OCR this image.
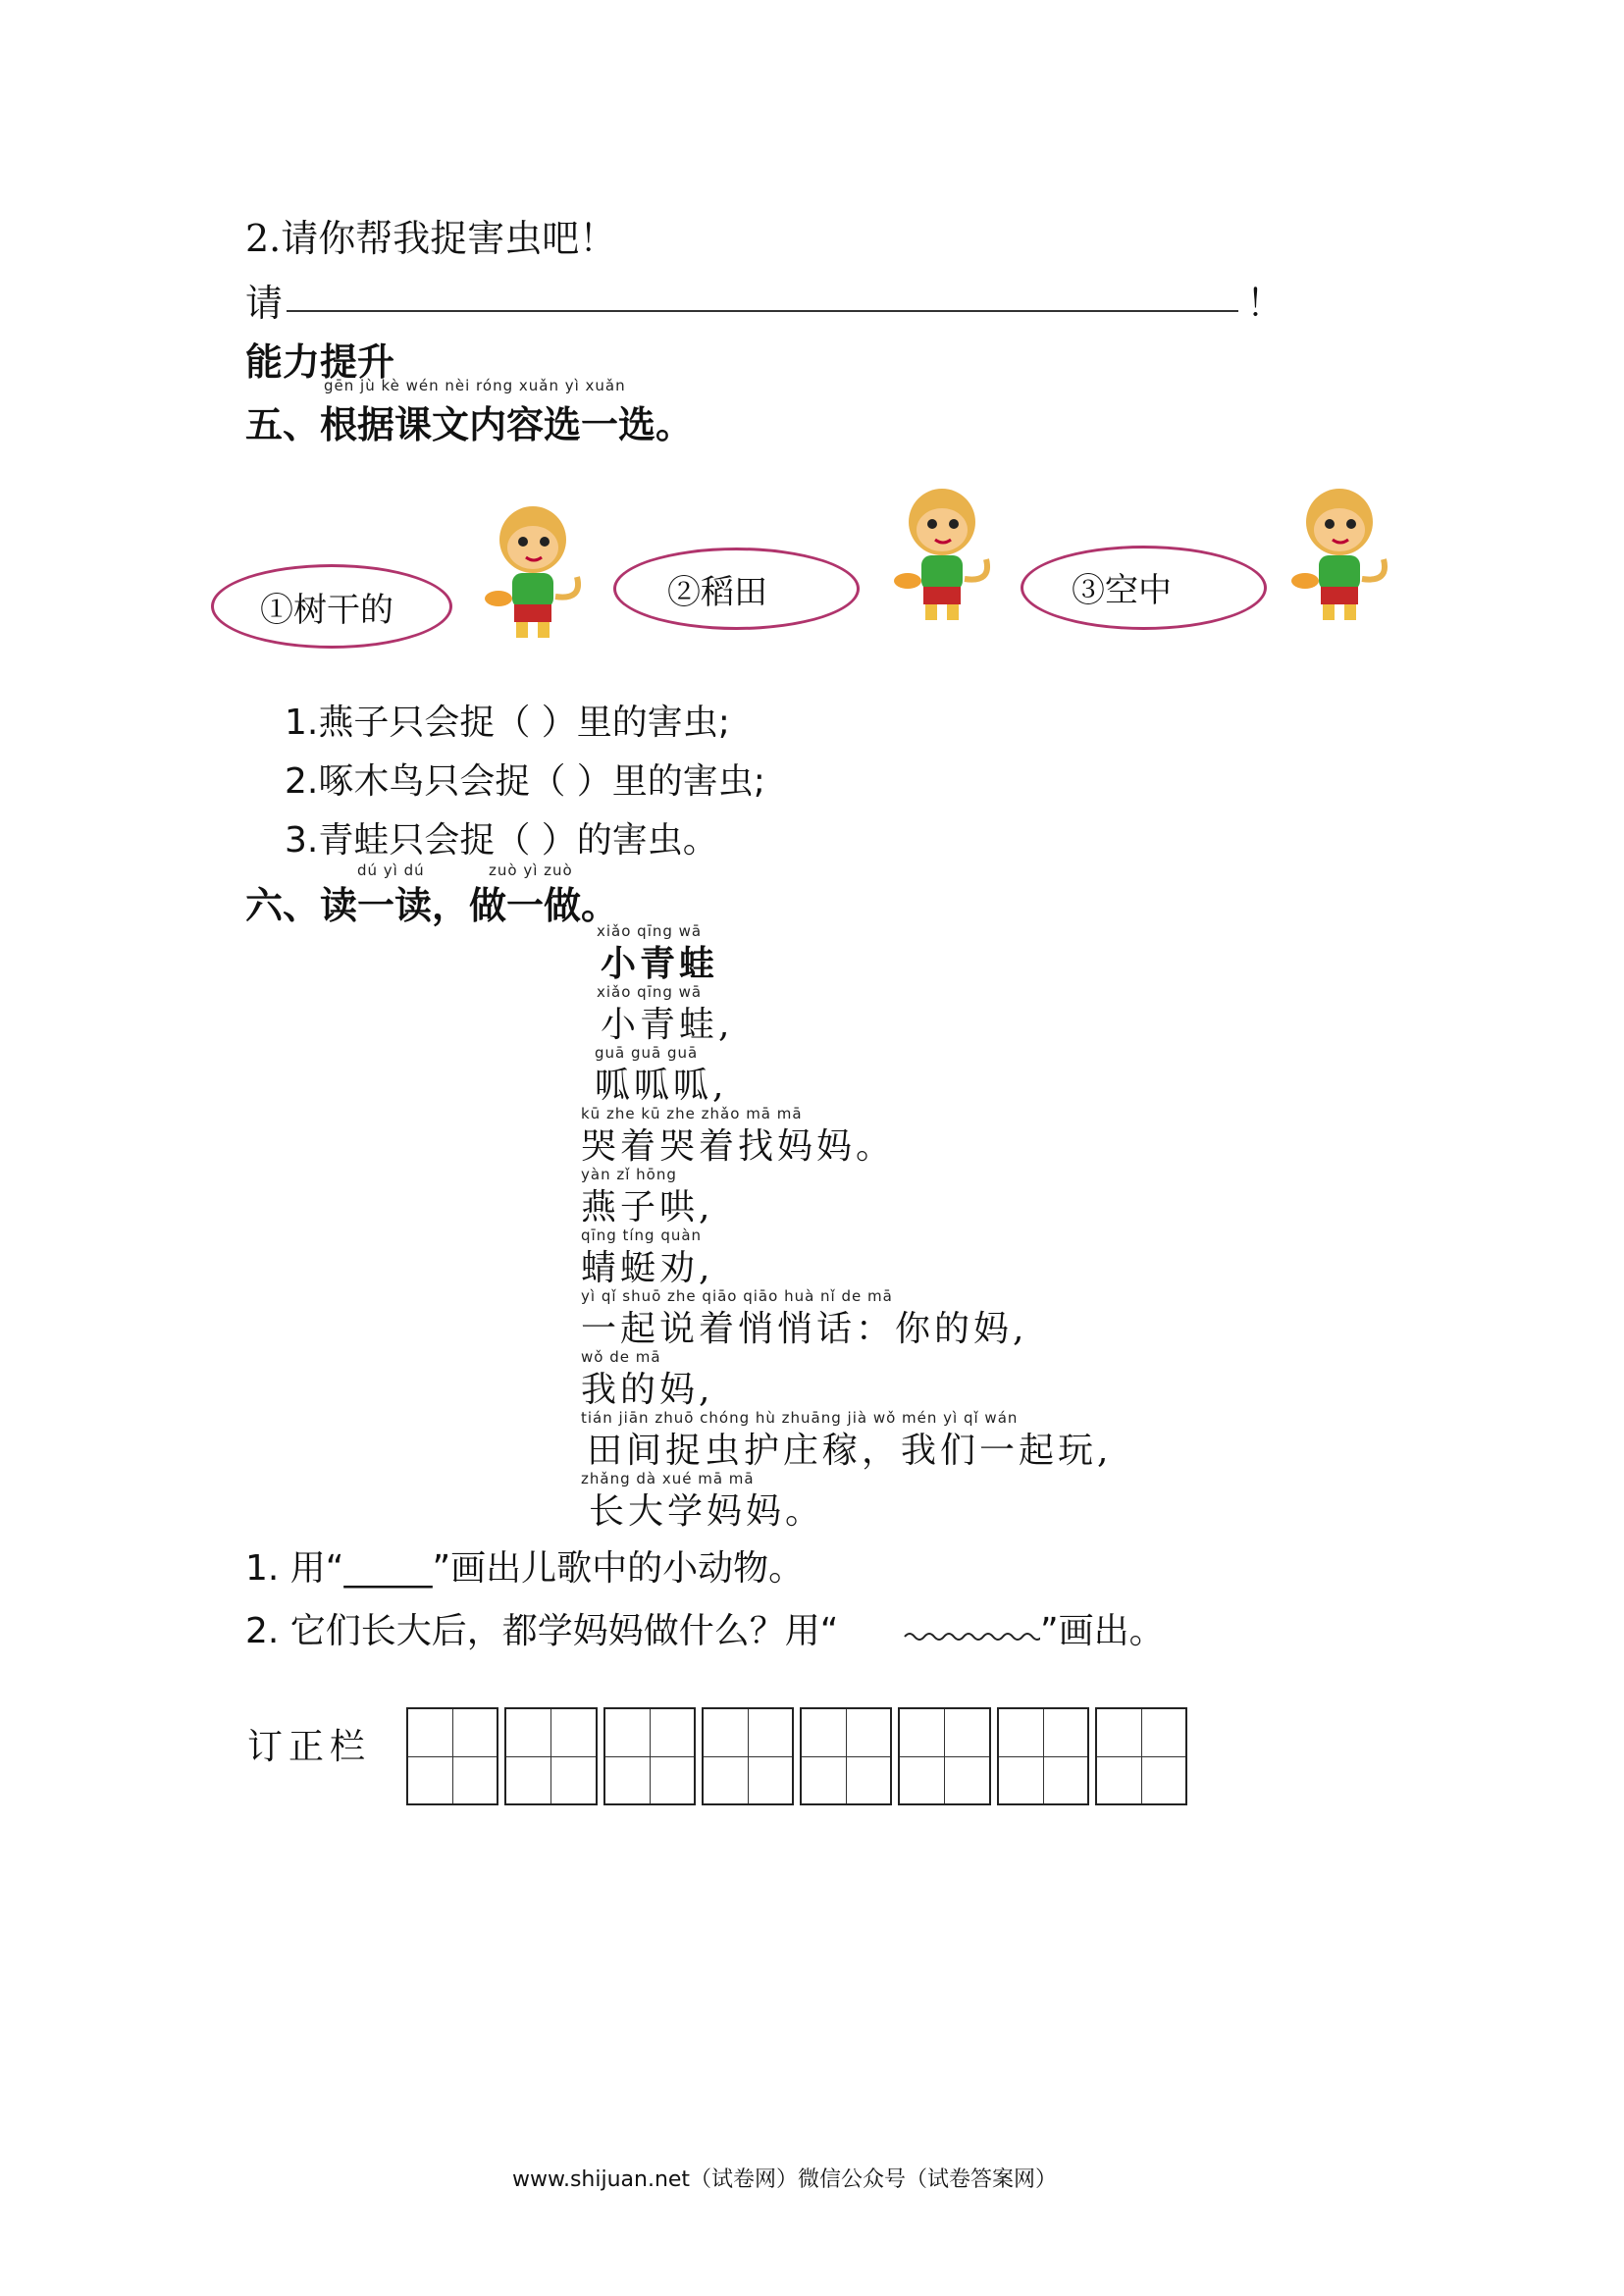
2.请你帮我捉害虫吧！
请	！
能力提升
gēn jù kè wén nèi róng xuǎn yì xuǎn
五、根据课文内容选一选。
①树干的	②稻田	③空中
1.燕子只会捉（ ）里的害虫;
2.啄木鸟只会捉（ ）里的害虫;
3.青蛙只会捉（ ）的害虫。
dú yì dú	zuò yì zuò
六、读一读，做一做。
xiǎo qīng wā
小青蛙
xiǎo qīng wā
小青蛙,
guā guā guā
呱呱呱,
kū zhe kū zhe zhǎo mā mā
哭着哭着找妈妈。
yàn zǐ hōng
燕子哄,
qīng tíng quàn
蜻蜓劝,
yì qǐ shuō zhe qiāo qiāo huà nǐ de mā
一起说着悄悄话：你的妈,
wǒ de mā
我的妈,
tián jiān zhuō chóng hù zhuāng jià wǒ mén yì qǐ wán
田间捉虫护庄稼，我们一起玩,
zhǎng dà xué mā mā
长大学妈妈。
1. 用“_____”画出儿歌中的小动物。
2. 它们长大后，都学妈妈做什么？用“	”画出。
订正栏
www.shijuan.net（试卷网）微信公众号（试卷答案网）
